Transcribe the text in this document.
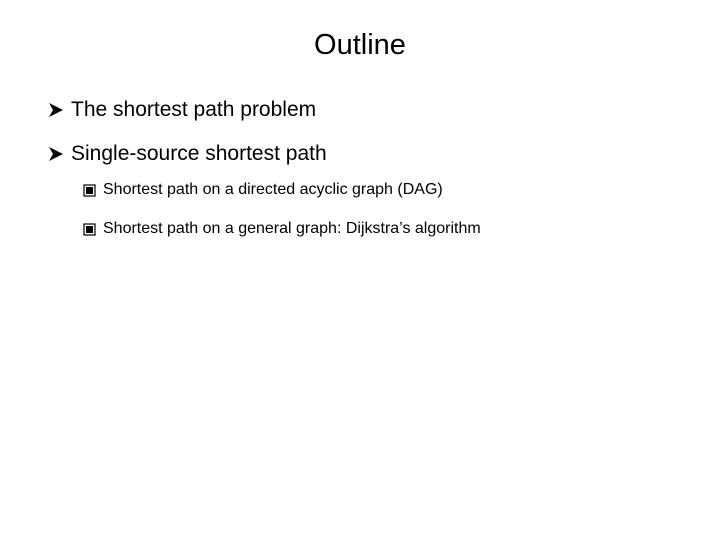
Outline
The shortest path problem
Single-source shortest path
Shortest path on a directed acyclic graph (DAG)
Shortest path on a general graph: Dijkstra’s algorithm
